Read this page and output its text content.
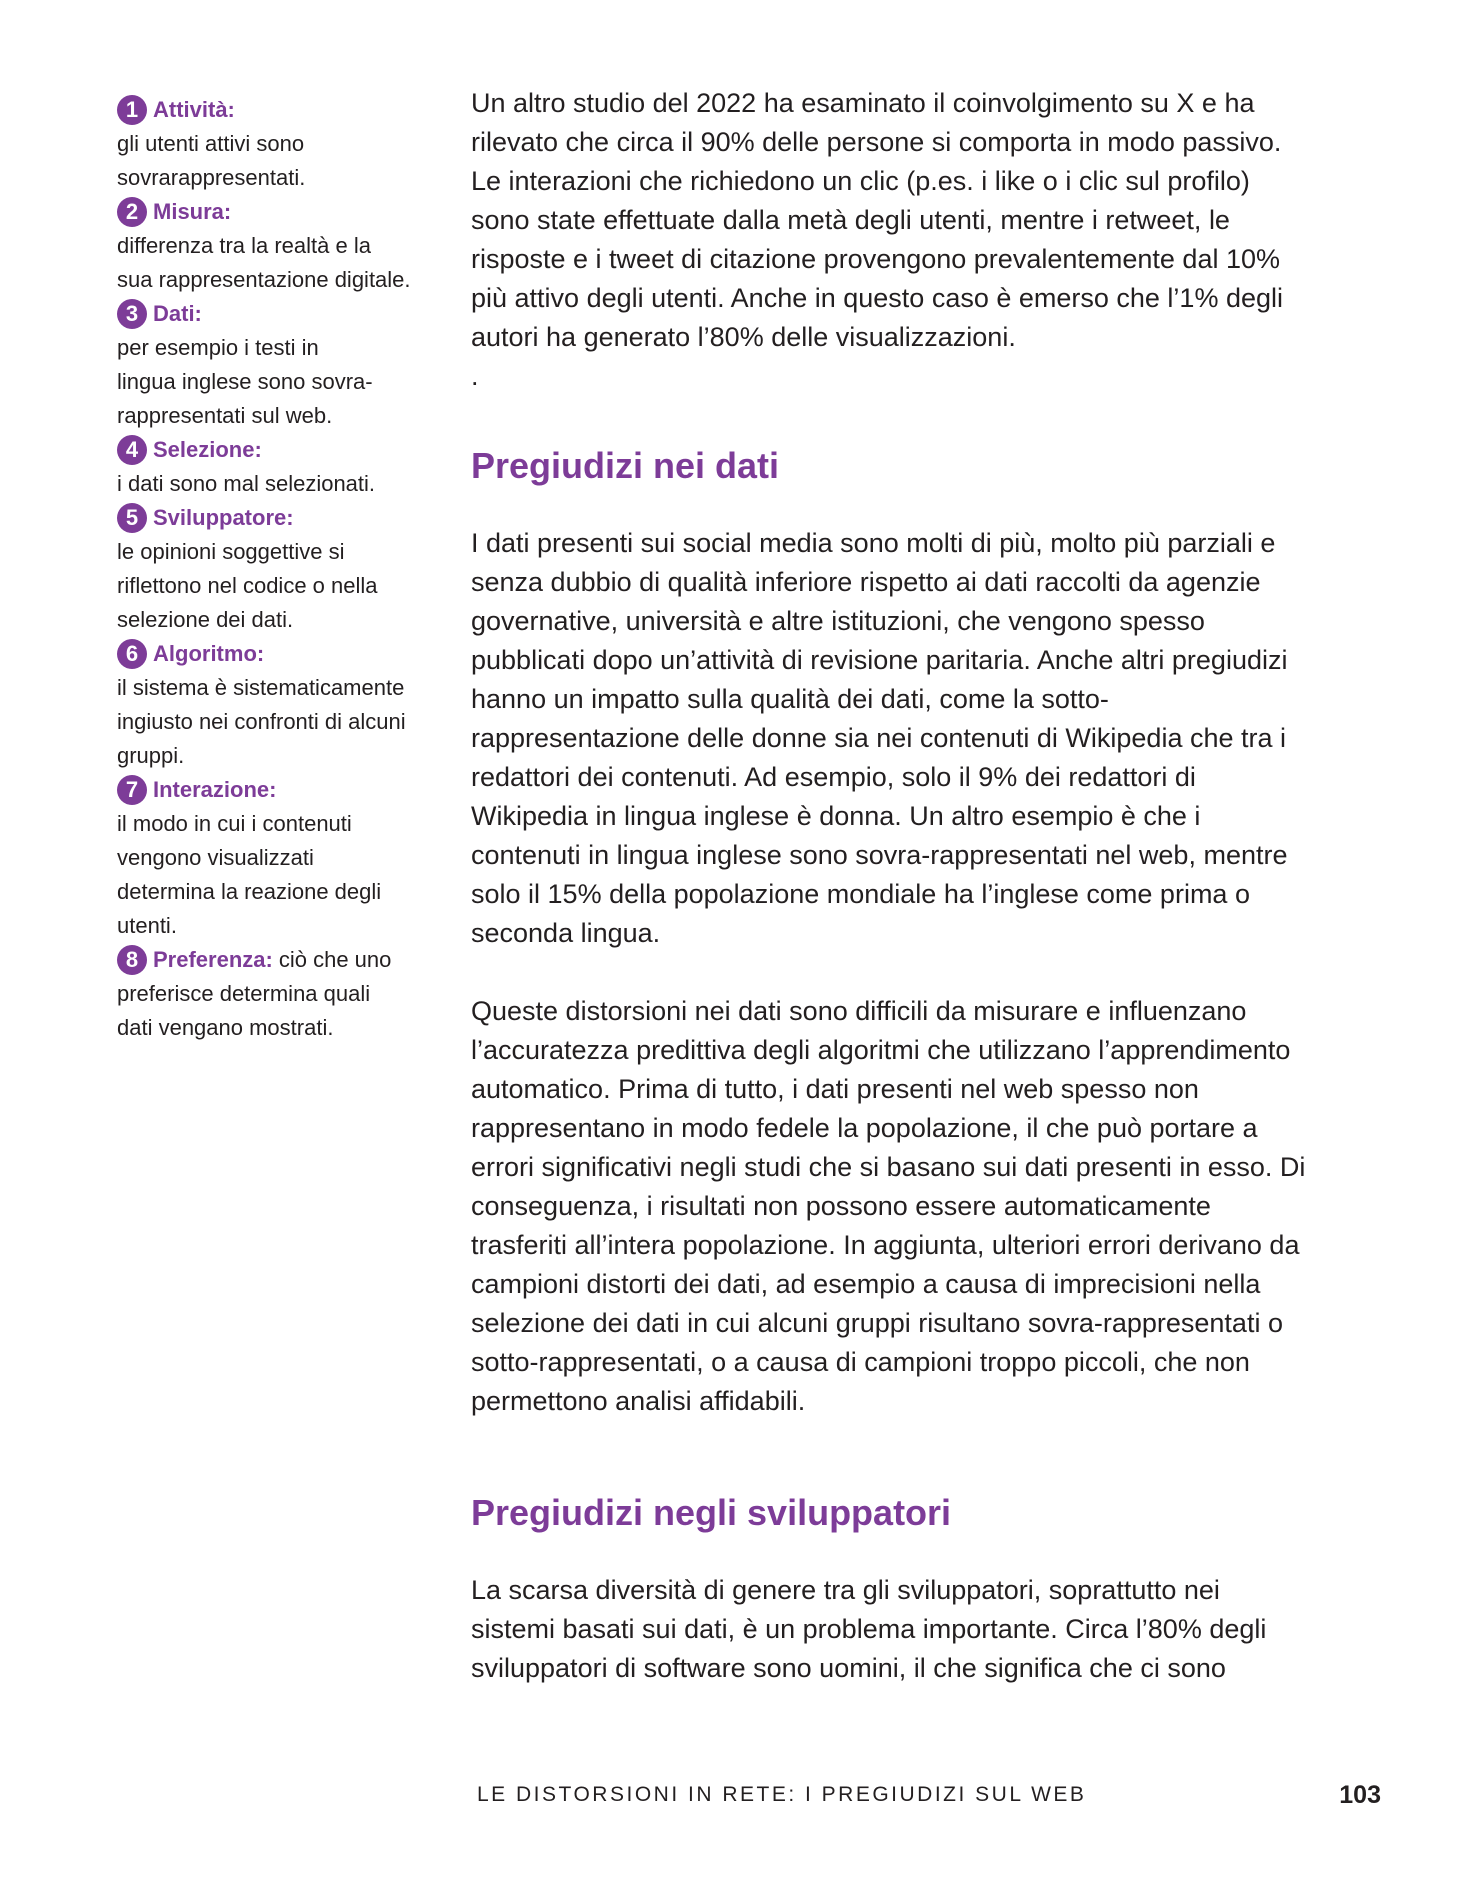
1 Attività:
gli utenti attivi sono
sovrarappresentati.
2 Misura:
differenza tra la realtà e la
sua rappresentazione digitale.
3 Dati:
per esempio i testi in
lingua inglese sono sovra-
rappresentati sul web.
4 Selezione:
i dati sono mal selezionati.
5 Sviluppatore:
le opinioni soggettive si
riflettono nel codice o nella
selezione dei dati.
6 Algoritmo:
il sistema è sistematicamente
ingiusto nei confronti di alcuni
gruppi.
7 Interazione:
il modo in cui i contenuti
vengono visualizzati
determina la reazione degli
utenti.
8 Preferenza: ciò che uno
preferisce determina quali
dati vengano mostrati.

Un altro studio del 2022 ha esaminato il coinvolgimento su X e ha

rilevato che circa il 90% delle persone si comporta in modo passivo.

Le interazioni che richiedono un clic (p.es. i like o i clic sul profilo)

sono state effettuate dalla metà degli utenti, mentre i retweet, le

risposte e i tweet di citazione provengono prevalentemente dal 10%

più attivo degli utenti. Anche in questo caso è emerso che l’1% degli

autori ha generato l’80% delle visualizzazioni.

.
Pregiudizi nei dati

I dati presenti sui social media sono molti di più, molto più parziali e

senza dubbio di qualità inferiore rispetto ai dati raccolti da agenzie

governative, università e altre istituzioni, che vengono spesso

pubblicati dopo un’attività di revisione paritaria. Anche altri pregiudizi

hanno un impatto sulla qualità dei dati, come la sotto-

rappresentazione delle donne sia nei contenuti di Wikipedia che tra i

redattori dei contenuti. Ad esempio, solo il 9% dei redattori di

Wikipedia in lingua inglese è donna. Un altro esempio è che i

contenuti in lingua inglese sono sovra-rappresentati nel web, mentre

solo il 15% della popolazione mondiale ha l’inglese come prima o

seconda lingua.

Queste distorsioni nei dati sono difficili da misurare e influenzano

l’accuratezza predittiva degli algoritmi che utilizzano l’apprendimento

automatico. Prima di tutto, i dati presenti nel web spesso non

rappresentano in modo fedele la popolazione, il che può portare a

errori significativi negli studi che si basano sui dati presenti in esso. Di

conseguenza, i risultati non possono essere automaticamente

trasferiti all’intera popolazione. In aggiunta, ulteriori errori derivano da

campioni distorti dei dati, ad esempio a causa di imprecisioni nella

selezione dei dati in cui alcuni gruppi risultano sovra-rappresentati o

sotto-rappresentati, o a causa di campioni troppo piccoli, che non

permettono analisi affidabili.

Pregiudizi negli sviluppatori

La scarsa diversità di genere tra gli sviluppatori, soprattutto nei

sistemi basati sui dati, è un problema importante. Circa l’80% degli

sviluppatori di software sono uomini, il che significa che ci sono

LE DISTORSIONI IN RETE: I PREGIUDIZI SUL WEB	103
